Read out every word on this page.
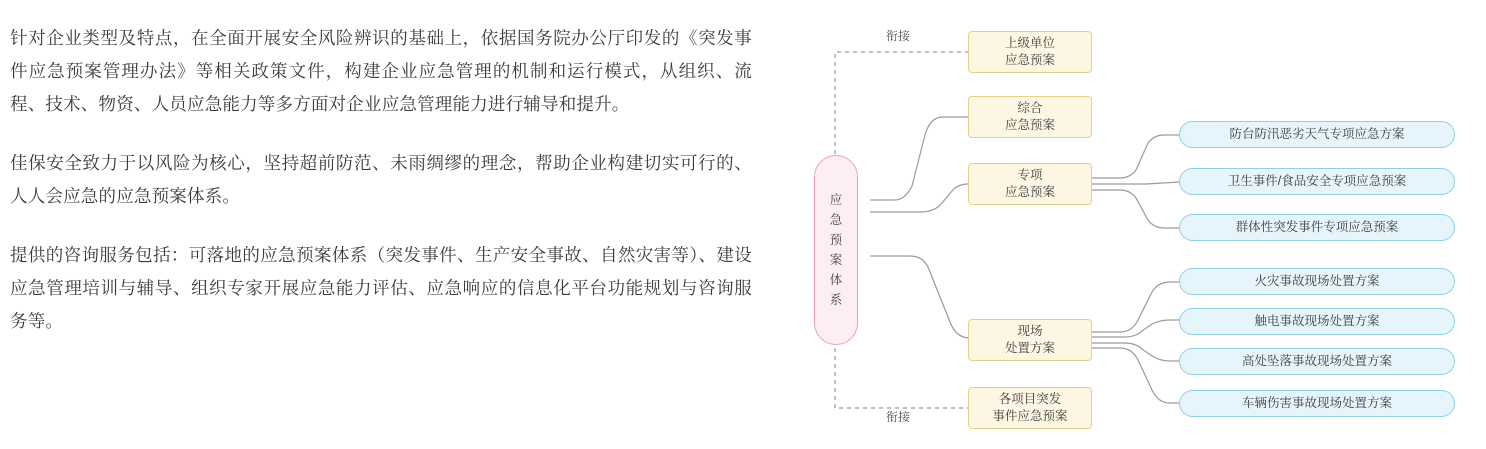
针对企业类型及特点，在全面开展安全风险辨识的基础上，依据国务院办公厅印发的《突发事件应急预案管理办法》等相关政策文件，构建企业应急管理的机制和运行模式，从组织、流程、技术、物资、人员应急能力等多方面对企业应急管理能力进行辅导和提升。

佳保安全致力于以风险为核心，坚持超前防范、未雨绸缪的理念，帮助企业构建切实可行的、人人会应急的应急预案体系。

提供的咨询服务包括：可落地的应急预案体系（突发事件、生产安全事故、自然灾害等）、建设应急管理培训与辅导、组织专家开展应急能力评估、应急响应的信息化平台功能规划与咨询服务等。

衔接
衔接
应
急
预
案
体
系
上级单位
应急预案
综合
应急预案
专项
应急预案
现场
处置方案
各项目突发
事件应急预案
防台防汛恶劣天气专项应急方案
卫生事件/食品安全专项应急预案
群体性突发事件专项应急预案
火灾事故现场处置方案
触电事故现场处置方案
高处坠落事故现场处置方案
车辆伤害事故现场处置方案
